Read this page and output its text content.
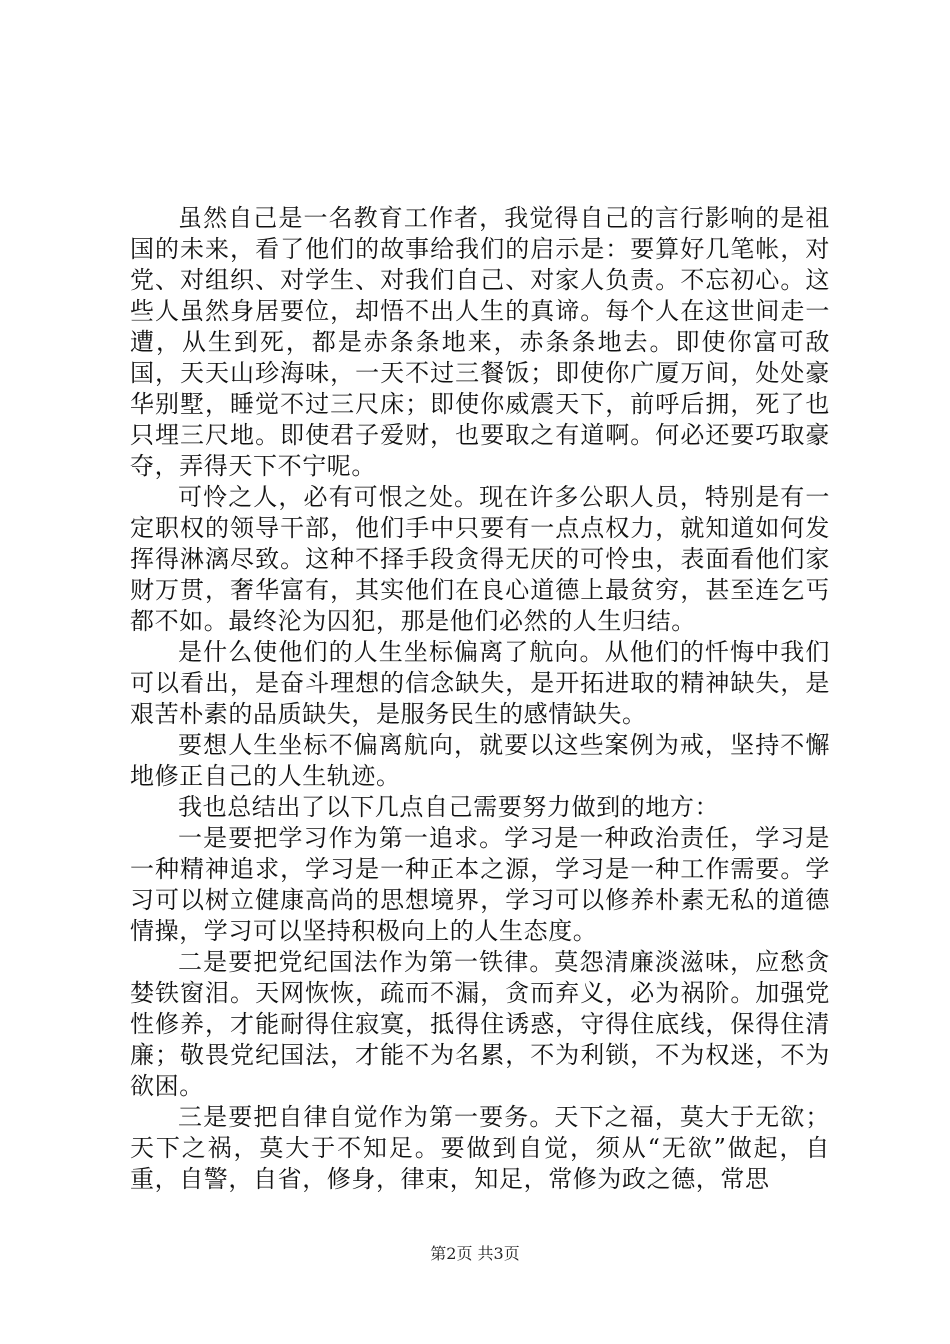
虽然自己是一名教育工作者，我觉得自己的言行影响的是祖国的未来，看了他们的故事给我们的启示是：要算好几笔帐，对党、对组织、对学生、对我们自己、对家人负责。不忘初心。这些人虽然身居要位，却悟不出人生的真谛。每个人在这世间走一遭，从生到死，都是赤条条地来，赤条条地去。即使你富可敌国，天天山珍海味，一天不过三餐饭；即使你广厦万间，处处豪华别墅，睡觉不过三尺床；即使你威震天下，前呼后拥，死了也只埋三尺地。即使君子爱财，也要取之有道啊。何必还要巧取豪夺，弄得天下不宁呢。

可怜之人，必有可恨之处。现在许多公职人员，特别是有一定职权的领导干部，他们手中只要有一点点权力，就知道如何发挥得淋漓尽致。这种不择手段贪得无厌的可怜虫，表面看他们家财万贯，奢华富有，其实他们在良心道德上最贫穷，甚至连乞丐都不如。最终沦为囚犯，那是他们必然的人生归结。

是什么使他们的人生坐标偏离了航向。从他们的忏悔中我们可以看出，是奋斗理想的信念缺失，是开拓进取的精神缺失，是艰苦朴素的品质缺失，是服务民生的感情缺失。

要想人生坐标不偏离航向，就要以这些案例为戒，坚持不懈地修正自己的人生轨迹。

我也总结出了以下几点自己需要努力做到的地方：

一是要把学习作为第一追求。学习是一种政治责任，学习是一种精神追求，学习是一种正本之源，学习是一种工作需要。学习可以树立健康高尚的思想境界，学习可以修养朴素无私的道德情操，学习可以坚持积极向上的人生态度。

二是要把党纪国法作为第一铁律。莫怨清廉淡滋味，应愁贪婪铁窗泪。天网恢恢，疏而不漏，贪而弃义，必为祸阶。加强党性修养，才能耐得住寂寞，抵得住诱惑，守得住底线，保得住清廉；敬畏党纪国法，才能不为名累，不为利锁，不为权迷，不为欲困。

三是要把自律自觉作为第一要务。天下之福，莫大于无欲；天下之祸，莫大于不知足。要做到自觉，须从“无欲”做起，自重，自警，自省，修身，律束，知足，常修为政之德，常思

第2页 共3页
